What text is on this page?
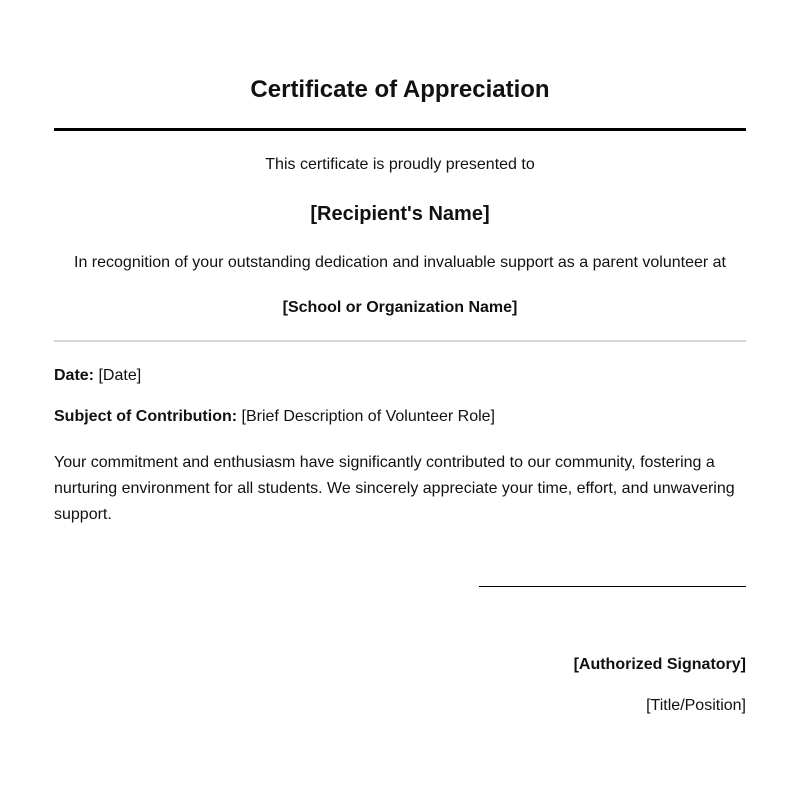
Certificate of Appreciation
This certificate is proudly presented to
[Recipient's Name]
In recognition of your outstanding dedication and invaluable support as a parent volunteer at
[School or Organization Name]
Date: [Date]
Subject of Contribution: [Brief Description of Volunteer Role]

Your commitment and enthusiasm have significantly contributed to our community, fostering a nurturing environment for all students. We sincerely appreciate your time, effort, and unwavering support.

[Authorized Signatory]
[Title/Position]
